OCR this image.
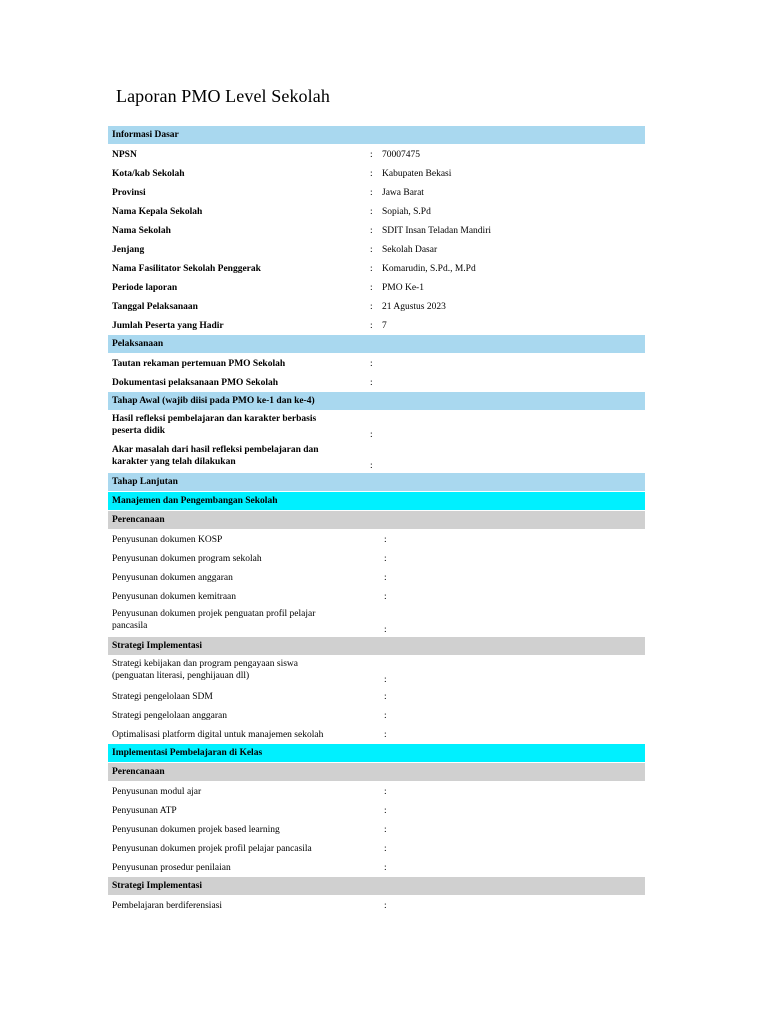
Laporan PMO Level Sekolah
Informasi Dasar
NPSN	: 70007475
Kota/kab Sekolah	: Kabupaten Bekasi
Provinsi	: Jawa Barat
Nama Kepala Sekolah	: Sopiah, S.Pd
Nama Sekolah	: SDIT Insan Teladan Mandiri
Jenjang	: Sekolah Dasar
Nama Fasilitator Sekolah Penggerak	: Komarudin, S.Pd., M.Pd
Periode laporan	: PMO Ke-1
Tanggal Pelaksanaan	: 21 Agustus 2023
Jumlah Peserta yang Hadir	: 7
Pelaksanaan
Tautan rekaman pertemuan PMO Sekolah	:
Dokumentasi pelaksanaan PMO Sekolah	:
Tahap Awal (wajib diisi pada PMO ke-1 dan ke-4)
Hasil refleksi pembelajaran dan karakter berbasis
peserta didik	:
Akar masalah dari hasil refleksi pembelajaran dan
karakter yang telah dilakukan	:
Tahap Lanjutan
Manajemen dan Pengembangan Sekolah
Perencanaan
Penyusunan dokumen KOSP	:
Penyusunan dokumen program sekolah	:
Penyusunan dokumen anggaran	:
Penyusunan dokumen kemitraan	:
Penyusunan dokumen projek penguatan profil pelajar
pancasila	:
Strategi Implementasi
Strategi kebijakan dan program pengayaan siswa
(penguatan literasi, penghijauan dll)	:
Strategi pengelolaan SDM	:
Strategi pengelolaan anggaran	:
Optimalisasi platform digital untuk manajemen sekolah	:
Implementasi Pembelajaran di Kelas
Perencanaan
Penyusunan modul ajar	:
Penyusunan ATP	:
Penyusunan dokumen projek based learning	:
Penyusunan dokumen projek profil pelajar pancasila	:
Penyusunan prosedur penilaian	:
Strategi Implementasi
Pembelajaran berdiferensiasi	:
